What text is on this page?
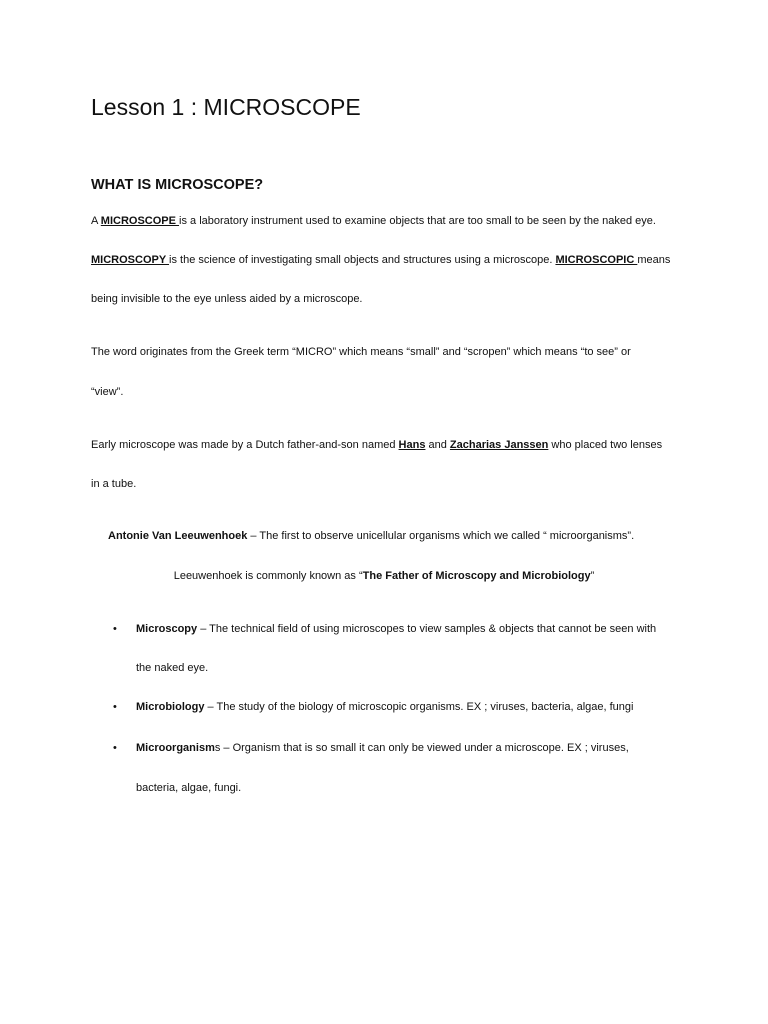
Lesson 1 : MICROSCOPE
WHAT IS MICROSCOPE?
A MICROSCOPE is a laboratory instrument used to examine objects that are too small to be seen by the naked eye.
MICROSCOPY is the science of investigating small objects and structures using a microscope. MICROSCOPIC means
being invisible to the eye unless aided by a microscope.
The word originates from the Greek term “MICRO” which means “small” and “scropen” which means “to see” or
“view”.
Early microscope was made by a Dutch father-and-son named Hans and Zacharias Janssen who placed two lenses
in a tube.
Antonie Van Leeuwenhoek – The first to observe unicellular organisms which we called “ microorganisms”.
Leeuwenhoek is commonly known as “The Father of Microscopy and Microbiology”
• Microscopy – The technical field of using microscopes to view samples & objects that cannot be seen with
the naked eye.
• Microbiology – The study of the biology of microscopic organisms. EX ; viruses, bacteria, algae, fungi
• Microorganisms – Organism that is so small it can only be viewed under a microscope. EX ; viruses,
bacteria, algae, fungi.
